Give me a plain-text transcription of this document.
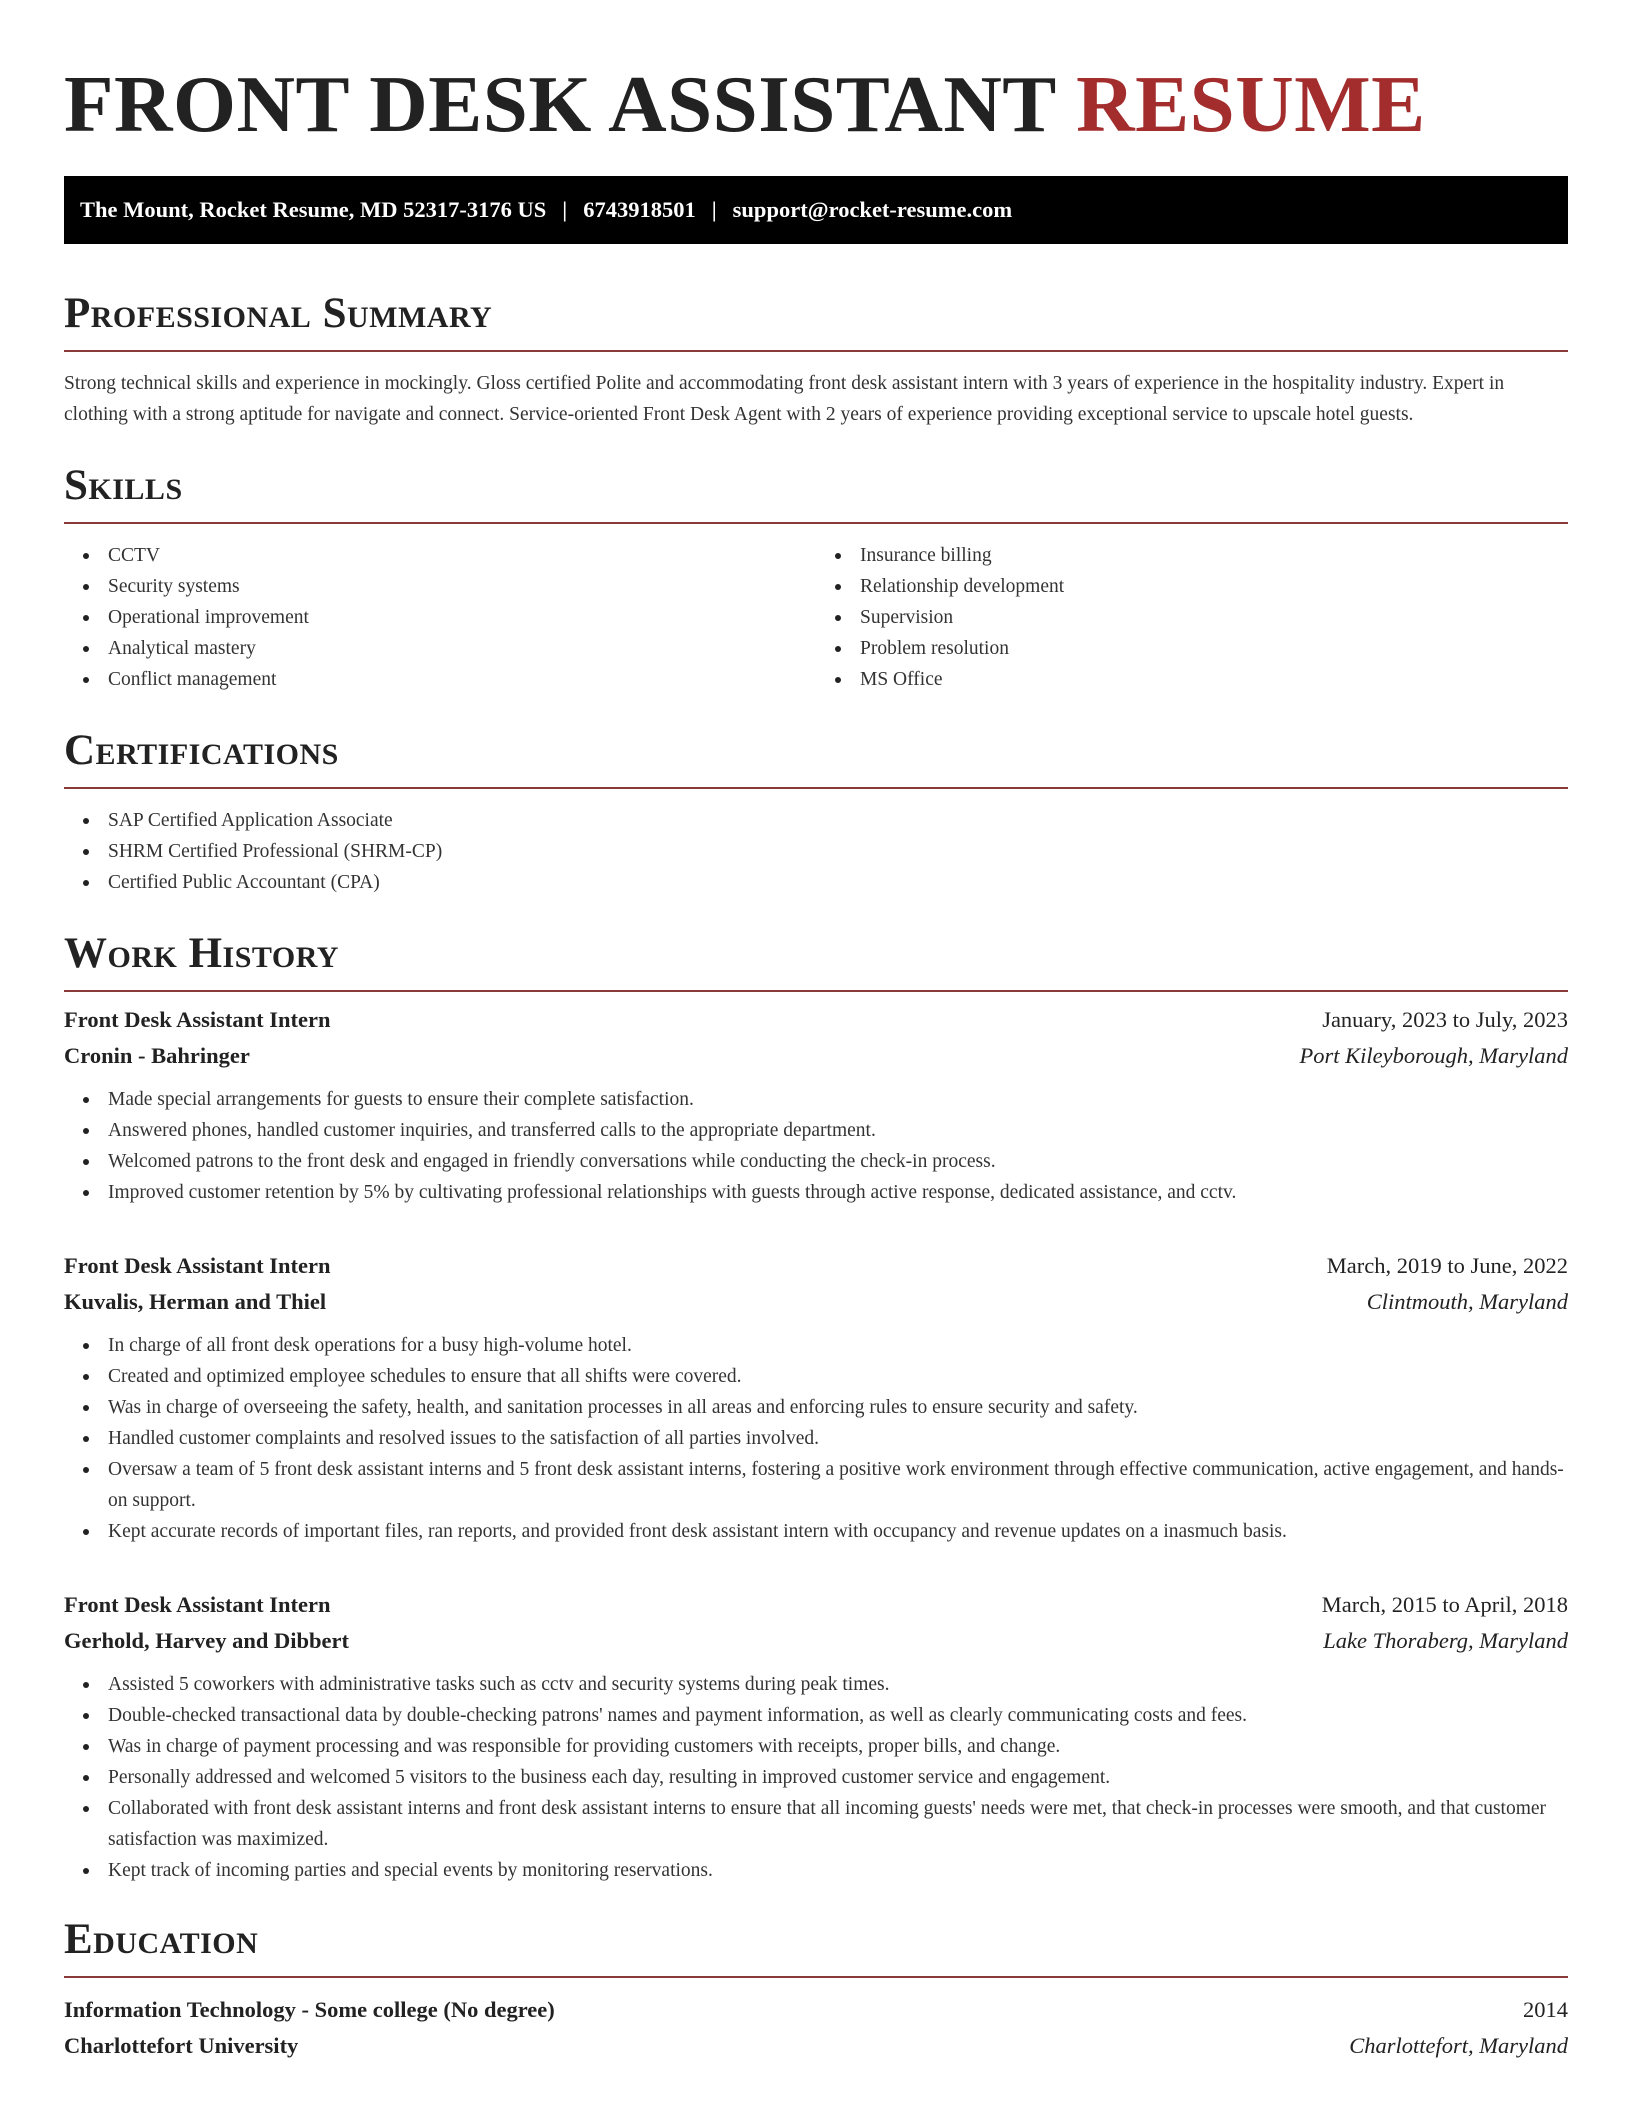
FRONT DESK ASSISTANT RESUME
The Mount, Rocket Resume, MD 52317-3176 US | 6743918501 | support@rocket-resume.com
Professional Summary

Strong technical skills and experience in mockingly. Gloss certified Polite and accommodating front desk assistant intern with 3 years of experience in the hospitality industry. Expert in clothing with a strong aptitude for navigate and connect. Service-oriented Front Desk Agent with 2 years of experience providing exceptional service to upscale hotel guests.

Skills
CCTV
Security systems
Operational improvement
Analytical mastery
Conflict management
Insurance billing
Relationship development
Supervision
Problem resolution
MS Office
Certifications
SAP Certified Application Associate
SHRM Certified Professional (SHRM-CP)
Certified Public Accountant (CPA)
Work History
Front Desk Assistant Intern	January, 2023 to July, 2023
Cronin - Bahringer	Port Kileyborough, Maryland
Made special arrangements for guests to ensure their complete satisfaction.
Answered phones, handled customer inquiries, and transferred calls to the appropriate department.
Welcomed patrons to the front desk and engaged in friendly conversations while conducting the check-in process.
Improved customer retention by 5% by cultivating professional relationships with guests through active response, dedicated assistance, and cctv.
Front Desk Assistant Intern	March, 2019 to June, 2022
Kuvalis, Herman and Thiel	Clintmouth, Maryland
In charge of all front desk operations for a busy high-volume hotel.
Created and optimized employee schedules to ensure that all shifts were covered.
Was in charge of overseeing the safety, health, and sanitation processes in all areas and enforcing rules to ensure security and safety.
Handled customer complaints and resolved issues to the satisfaction of all parties involved.
Oversaw a team of 5 front desk assistant interns and 5 front desk assistant interns, fostering a positive work environment through effective communication, active engagement, and hands-on support.
Kept accurate records of important files, ran reports, and provided front desk assistant intern with occupancy and revenue updates on a inasmuch basis.
Front Desk Assistant Intern	March, 2015 to April, 2018
Gerhold, Harvey and Dibbert	Lake Thoraberg, Maryland
Assisted 5 coworkers with administrative tasks such as cctv and security systems during peak times.
Double-checked transactional data by double-checking patrons' names and payment information, as well as clearly communicating costs and fees.
Was in charge of payment processing and was responsible for providing customers with receipts, proper bills, and change.
Personally addressed and welcomed 5 visitors to the business each day, resulting in improved customer service and engagement.
Collaborated with front desk assistant interns and front desk assistant interns to ensure that all incoming guests' needs were met, that check-in processes were smooth, and that customer satisfaction was maximized.
Kept track of incoming parties and special events by monitoring reservations.
Education
Information Technology - Some college (No degree)	2014
Charlottefort University	Charlottefort, Maryland
